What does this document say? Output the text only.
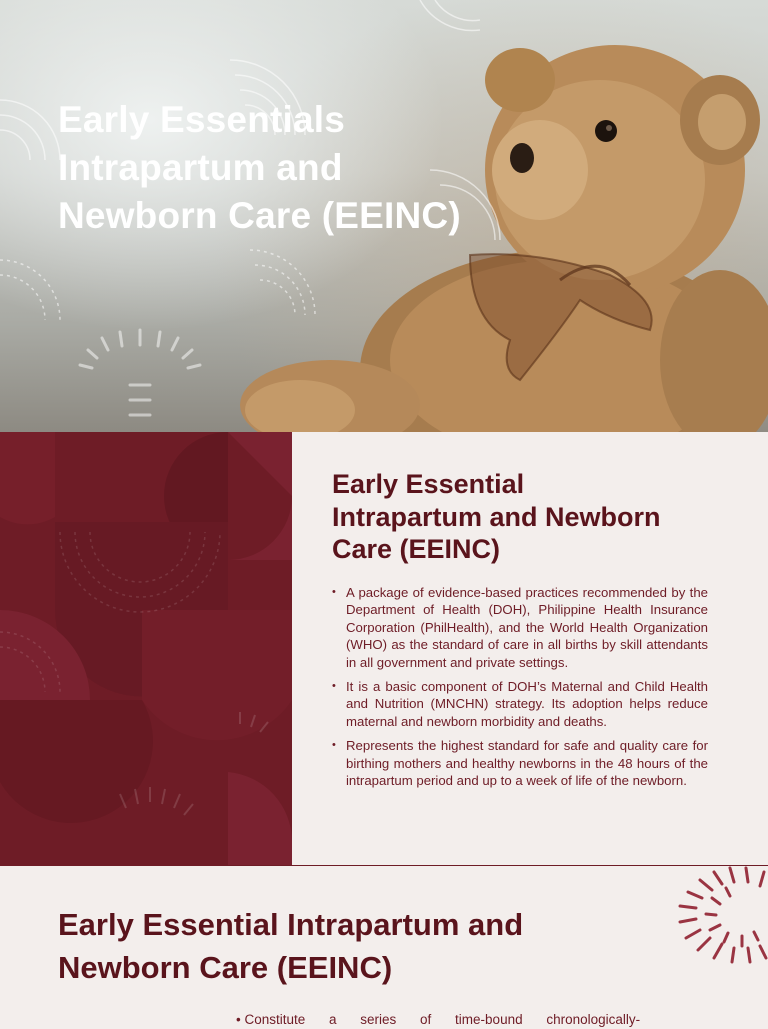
Early Essentials
Intrapartum and
Newborn Care (EEINC)
Early Essential
Intrapartum and Newborn
Care (EEINC)
• A package of evidence-based practices recommended by the Department of Health (DOH), Philippine Health Insurance Corporation (PhilHealth), and the World Health Organization (WHO) as the standard of care in all births by skill attendants in all government and private settings.
• It is a basic component of DOH’s Maternal and Child Health and Nutrition (MNCHN) strategy. Its adoption helps reduce maternal and newborn morbidity and deaths.
• Represents the highest standard for safe and quality care for birthing mothers and healthy newborns in the 48 hours of the intrapartum period and up to a week of life of the newborn.
Early Essential Intrapartum and
Newborn Care (EEINC)

• Constitute a series of time-bound chronologically-
